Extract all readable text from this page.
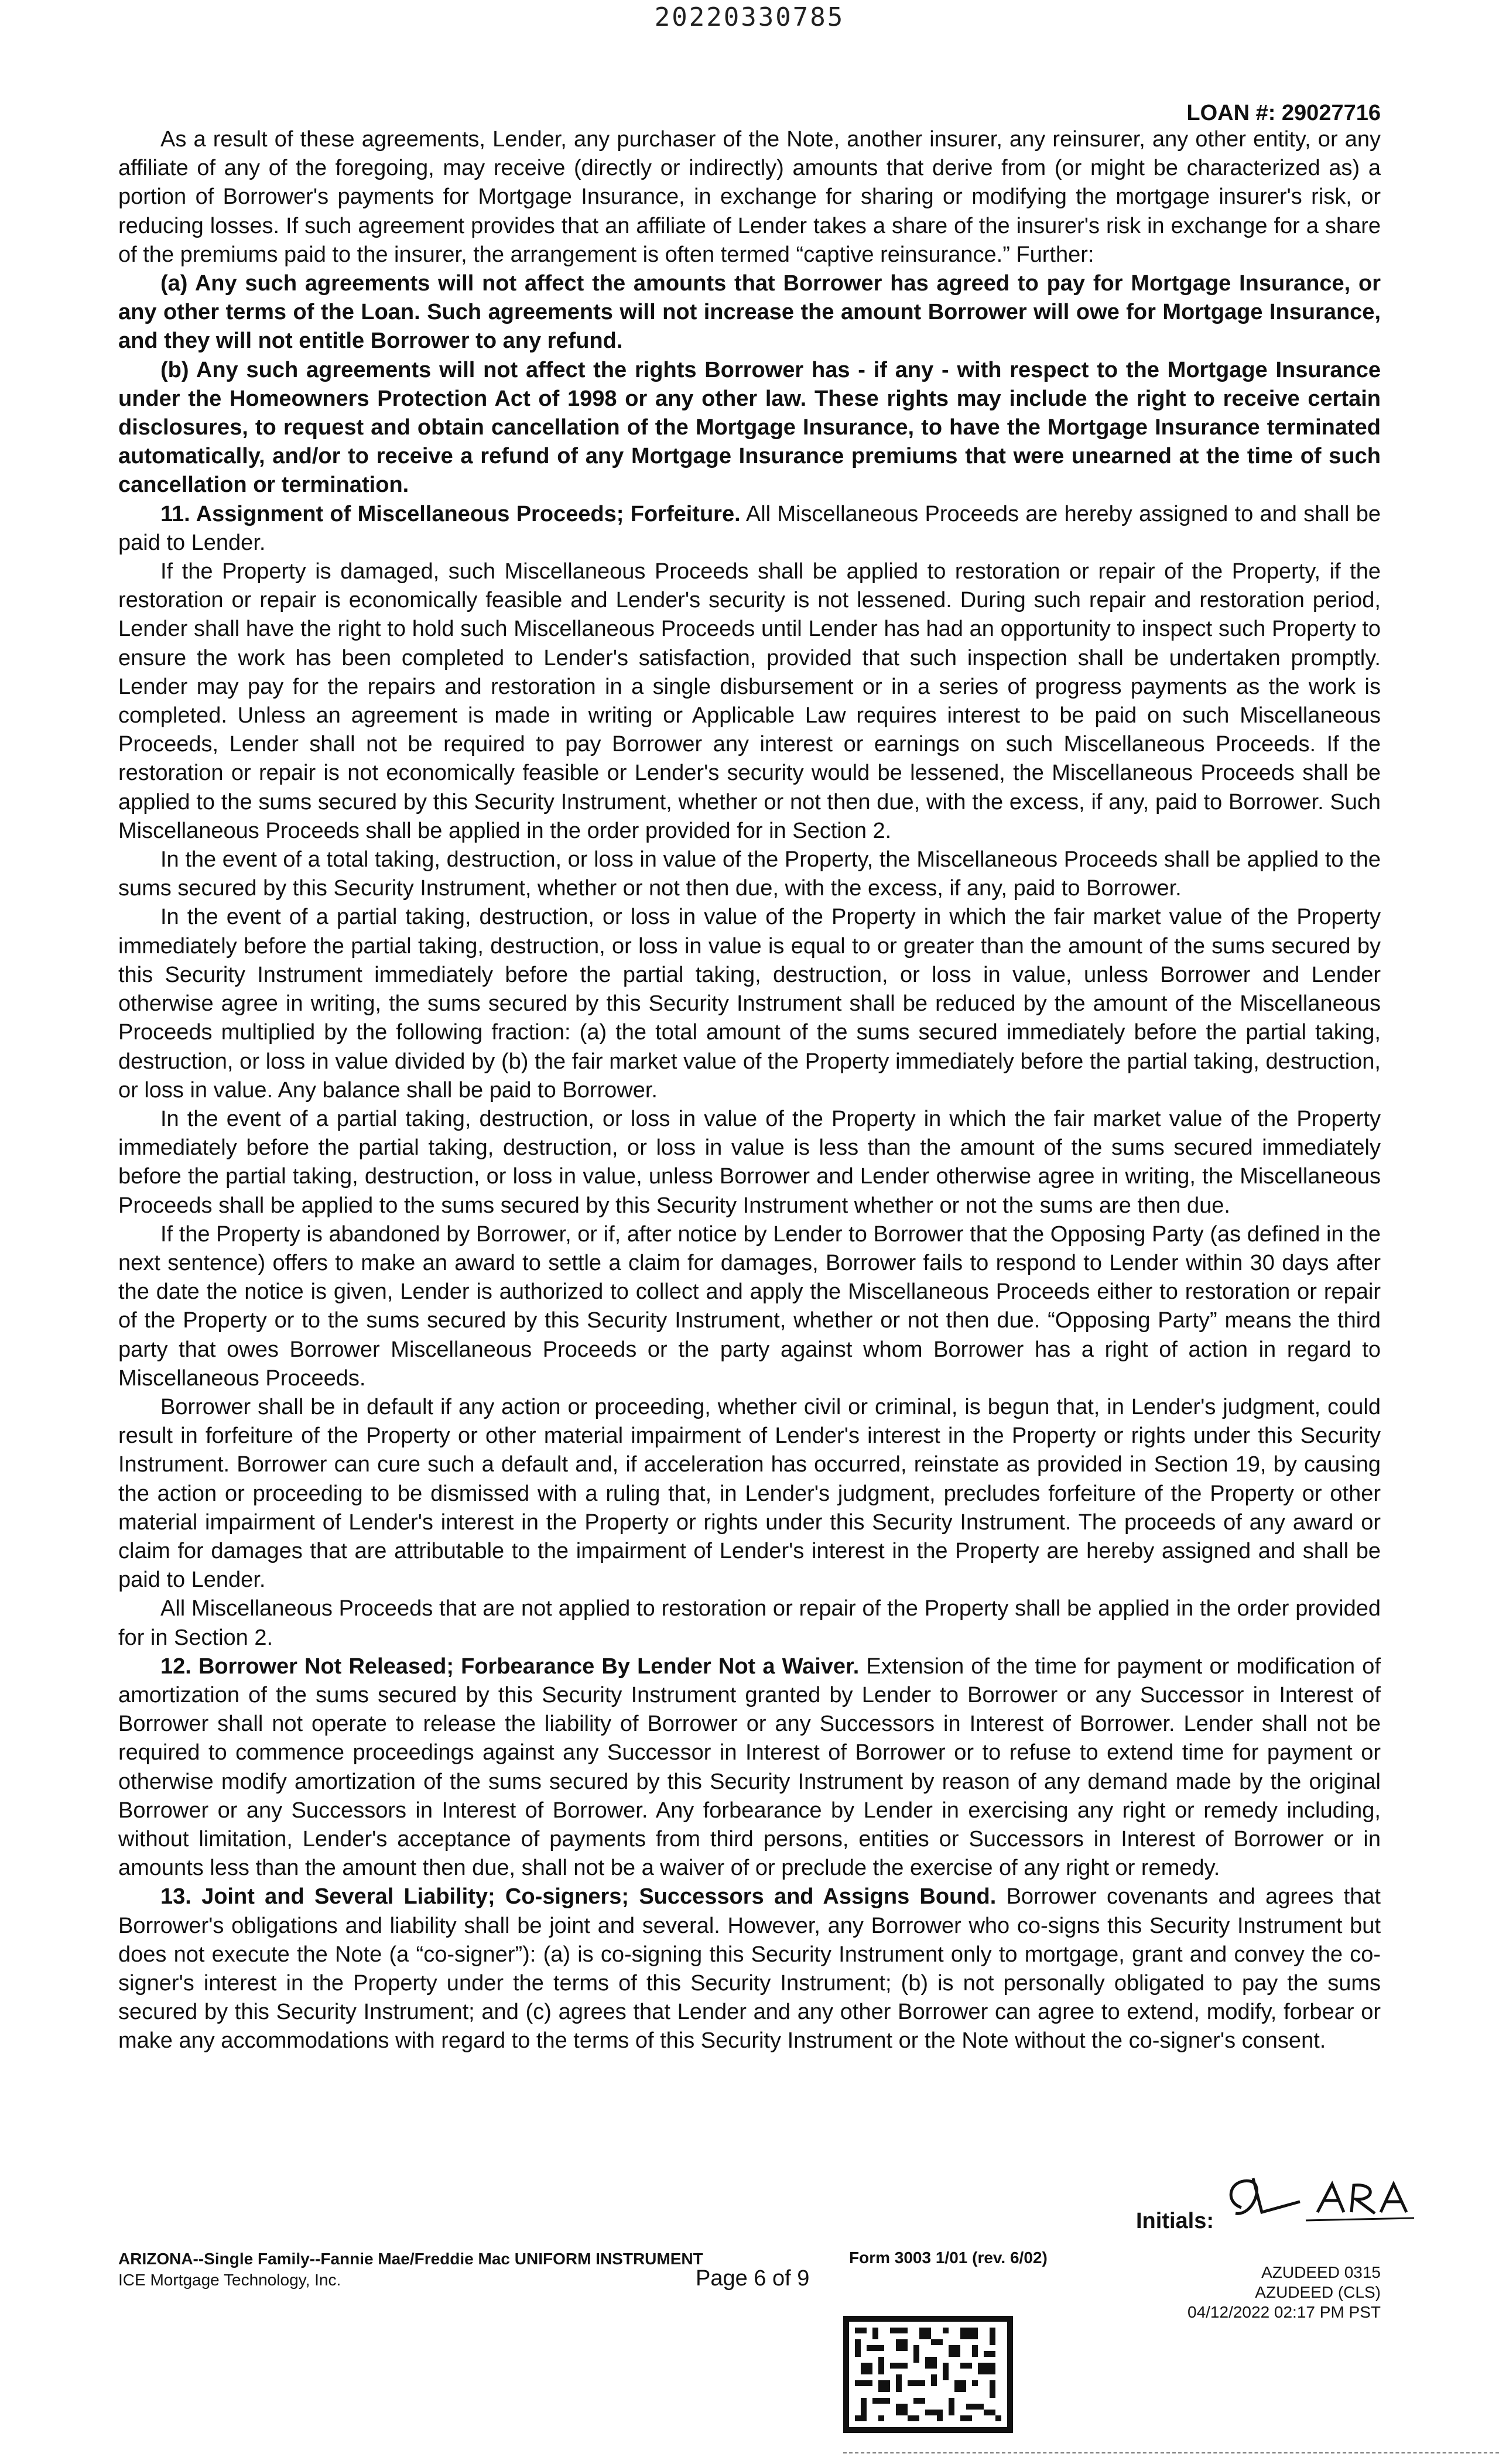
20220330785
LOAN #: 29027716

As a result of these agreements, Lender, any purchaser of the Note, another insurer, any reinsurer, any other entity, or any affiliate of any of the foregoing, may receive (directly or indirectly) amounts that derive from (or might be characterized as) a portion of Borrower's payments for Mortgage Insurance, in exchange for sharing or modifying the mortgage insurer's risk, or reducing losses. If such agreement provides that an affiliate of Lender takes a share of the insurer's risk in exchange for a share of the premiums paid to the insurer, the arrangement is often termed “captive reinsurance.” Further:

(a) Any such agreements will not affect the amounts that Borrower has agreed to pay for Mortgage Insurance, or any other terms of the Loan. Such agreements will not increase the amount Borrower will owe for Mortgage Insurance, and they will not entitle Borrower to any refund.

(b) Any such agreements will not affect the rights Borrower has - if any - with respect to the Mortgage Insurance under the Homeowners Protection Act of 1998 or any other law. These rights may include the right to receive certain disclosures, to request and obtain cancellation of the Mortgage Insurance, to have the Mortgage Insurance terminated automatically, and/or to receive a refund of any Mortgage Insurance premiums that were unearned at the time of such cancellation or termination.

11. Assignment of Miscellaneous Proceeds; Forfeiture. All Miscellaneous Proceeds are hereby assigned to and shall be paid to Lender.

If the Property is damaged, such Miscellaneous Proceeds shall be applied to restoration or repair of the Property, if the restoration or repair is economically feasible and Lender's security is not lessened. During such repair and restoration period, Lender shall have the right to hold such Miscellaneous Proceeds until Lender has had an opportunity to inspect such Property to ensure the work has been completed to Lender's satisfaction, provided that such inspection shall be undertaken promptly. Lender may pay for the repairs and restoration in a single disbursement or in a series of progress payments as the work is completed. Unless an agreement is made in writing or Applicable Law requires interest to be paid on such Miscellaneous Proceeds, Lender shall not be required to pay Borrower any interest or earnings on such Miscellaneous Proceeds. If the restoration or repair is not economically feasible or Lender's security would be lessened, the Miscellaneous Proceeds shall be applied to the sums secured by this Security Instrument, whether or not then due, with the excess, if any, paid to Borrower. Such Miscellaneous Proceeds shall be applied in the order provided for in Section 2.

In the event of a total taking, destruction, or loss in value of the Property, the Miscellaneous Proceeds shall be applied to the sums secured by this Security Instrument, whether or not then due, with the excess, if any, paid to Borrower.

In the event of a partial taking, destruction, or loss in value of the Property in which the fair market value of the Property immediately before the partial taking, destruction, or loss in value is equal to or greater than the amount of the sums secured by this Security Instrument immediately before the partial taking, destruction, or loss in value, unless Borrower and Lender otherwise agree in writing, the sums secured by this Security Instrument shall be reduced by the amount of the Miscellaneous Proceeds multiplied by the following fraction: (a) the total amount of the sums secured immediately before the partial taking, destruction, or loss in value divided by (b) the fair market value of the Property immediately before the partial taking, destruction, or loss in value. Any balance shall be paid to Borrower.

In the event of a partial taking, destruction, or loss in value of the Property in which the fair market value of the Property immediately before the partial taking, destruction, or loss in value is less than the amount of the sums secured immediately before the partial taking, destruction, or loss in value, unless Borrower and Lender otherwise agree in writing, the Miscellaneous Proceeds shall be applied to the sums secured by this Security Instrument whether or not the sums are then due.

If the Property is abandoned by Borrower, or if, after notice by Lender to Borrower that the Opposing Party (as defined in the next sentence) offers to make an award to settle a claim for damages, Borrower fails to respond to Lender within 30 days after the date the notice is given, Lender is authorized to collect and apply the Miscellaneous Proceeds either to restoration or repair of the Property or to the sums secured by this Security Instrument, whether or not then due. “Opposing Party” means the third party that owes Borrower Miscellaneous Proceeds or the party against whom Borrower has a right of action in regard to Miscellaneous Proceeds.

Borrower shall be in default if any action or proceeding, whether civil or criminal, is begun that, in Lender's judgment, could result in forfeiture of the Property or other material impairment of Lender's interest in the Property or rights under this Security Instrument. Borrower can cure such a default and, if acceleration has occurred, reinstate as provided in Section 19, by causing the action or proceeding to be dismissed with a ruling that, in Lender's judgment, precludes forfeiture of the Property or other material impairment of Lender's interest in the Property or rights under this Security Instrument. The proceeds of any award or claim for damages that are attributable to the impairment of Lender's interest in the Property are hereby assigned and shall be paid to Lender.

All Miscellaneous Proceeds that are not applied to restoration or repair of the Property shall be applied in the order provided for in Section 2.

12. Borrower Not Released; Forbearance By Lender Not a Waiver. Extension of the time for payment or modification of amortization of the sums secured by this Security Instrument granted by Lender to Borrower or any Successor in Interest of Borrower shall not operate to release the liability of Borrower or any Successors in Interest of Borrower. Lender shall not be required to commence proceedings against any Successor in Interest of Borrower or to refuse to extend time for payment or otherwise modify amortization of the sums secured by this Security Instrument by reason of any demand made by the original Borrower or any Successors in Interest of Borrower. Any forbearance by Lender in exercising any right or remedy including, without limitation, Lender's acceptance of payments from third persons, entities or Successors in Interest of Borrower or in amounts less than the amount then due, shall not be a waiver of or preclude the exercise of any right or remedy.

13. Joint and Several Liability; Co-signers; Successors and Assigns Bound. Borrower covenants and agrees that Borrower's obligations and liability shall be joint and several. However, any Borrower who co-signs this Security Instrument but does not execute the Note (a “co-signer”): (a) is co-signing this Security Instrument only to mortgage, grant and convey the co-signer's interest in the Property under the terms of this Security Instrument; (b) is not personally obligated to pay the sums secured by this Security Instrument; and (c) agrees that Lender and any other Borrower can agree to extend, modify, forbear or make any accommodations with regard to the terms of this Security Instrument or the Note without the co-signer's consent.

Initials:
ARIZONA--Single Family--Fannie Mae/Freddie Mac UNIFORM INSTRUMENT
ICE Mortgage Technology, Inc.
Form 3003 1/01 (rev. 6/02)
Page 6 of 9	AZUDEED 0315
AZUDEED (CLS)
04/12/2022 02:17 PM PST
